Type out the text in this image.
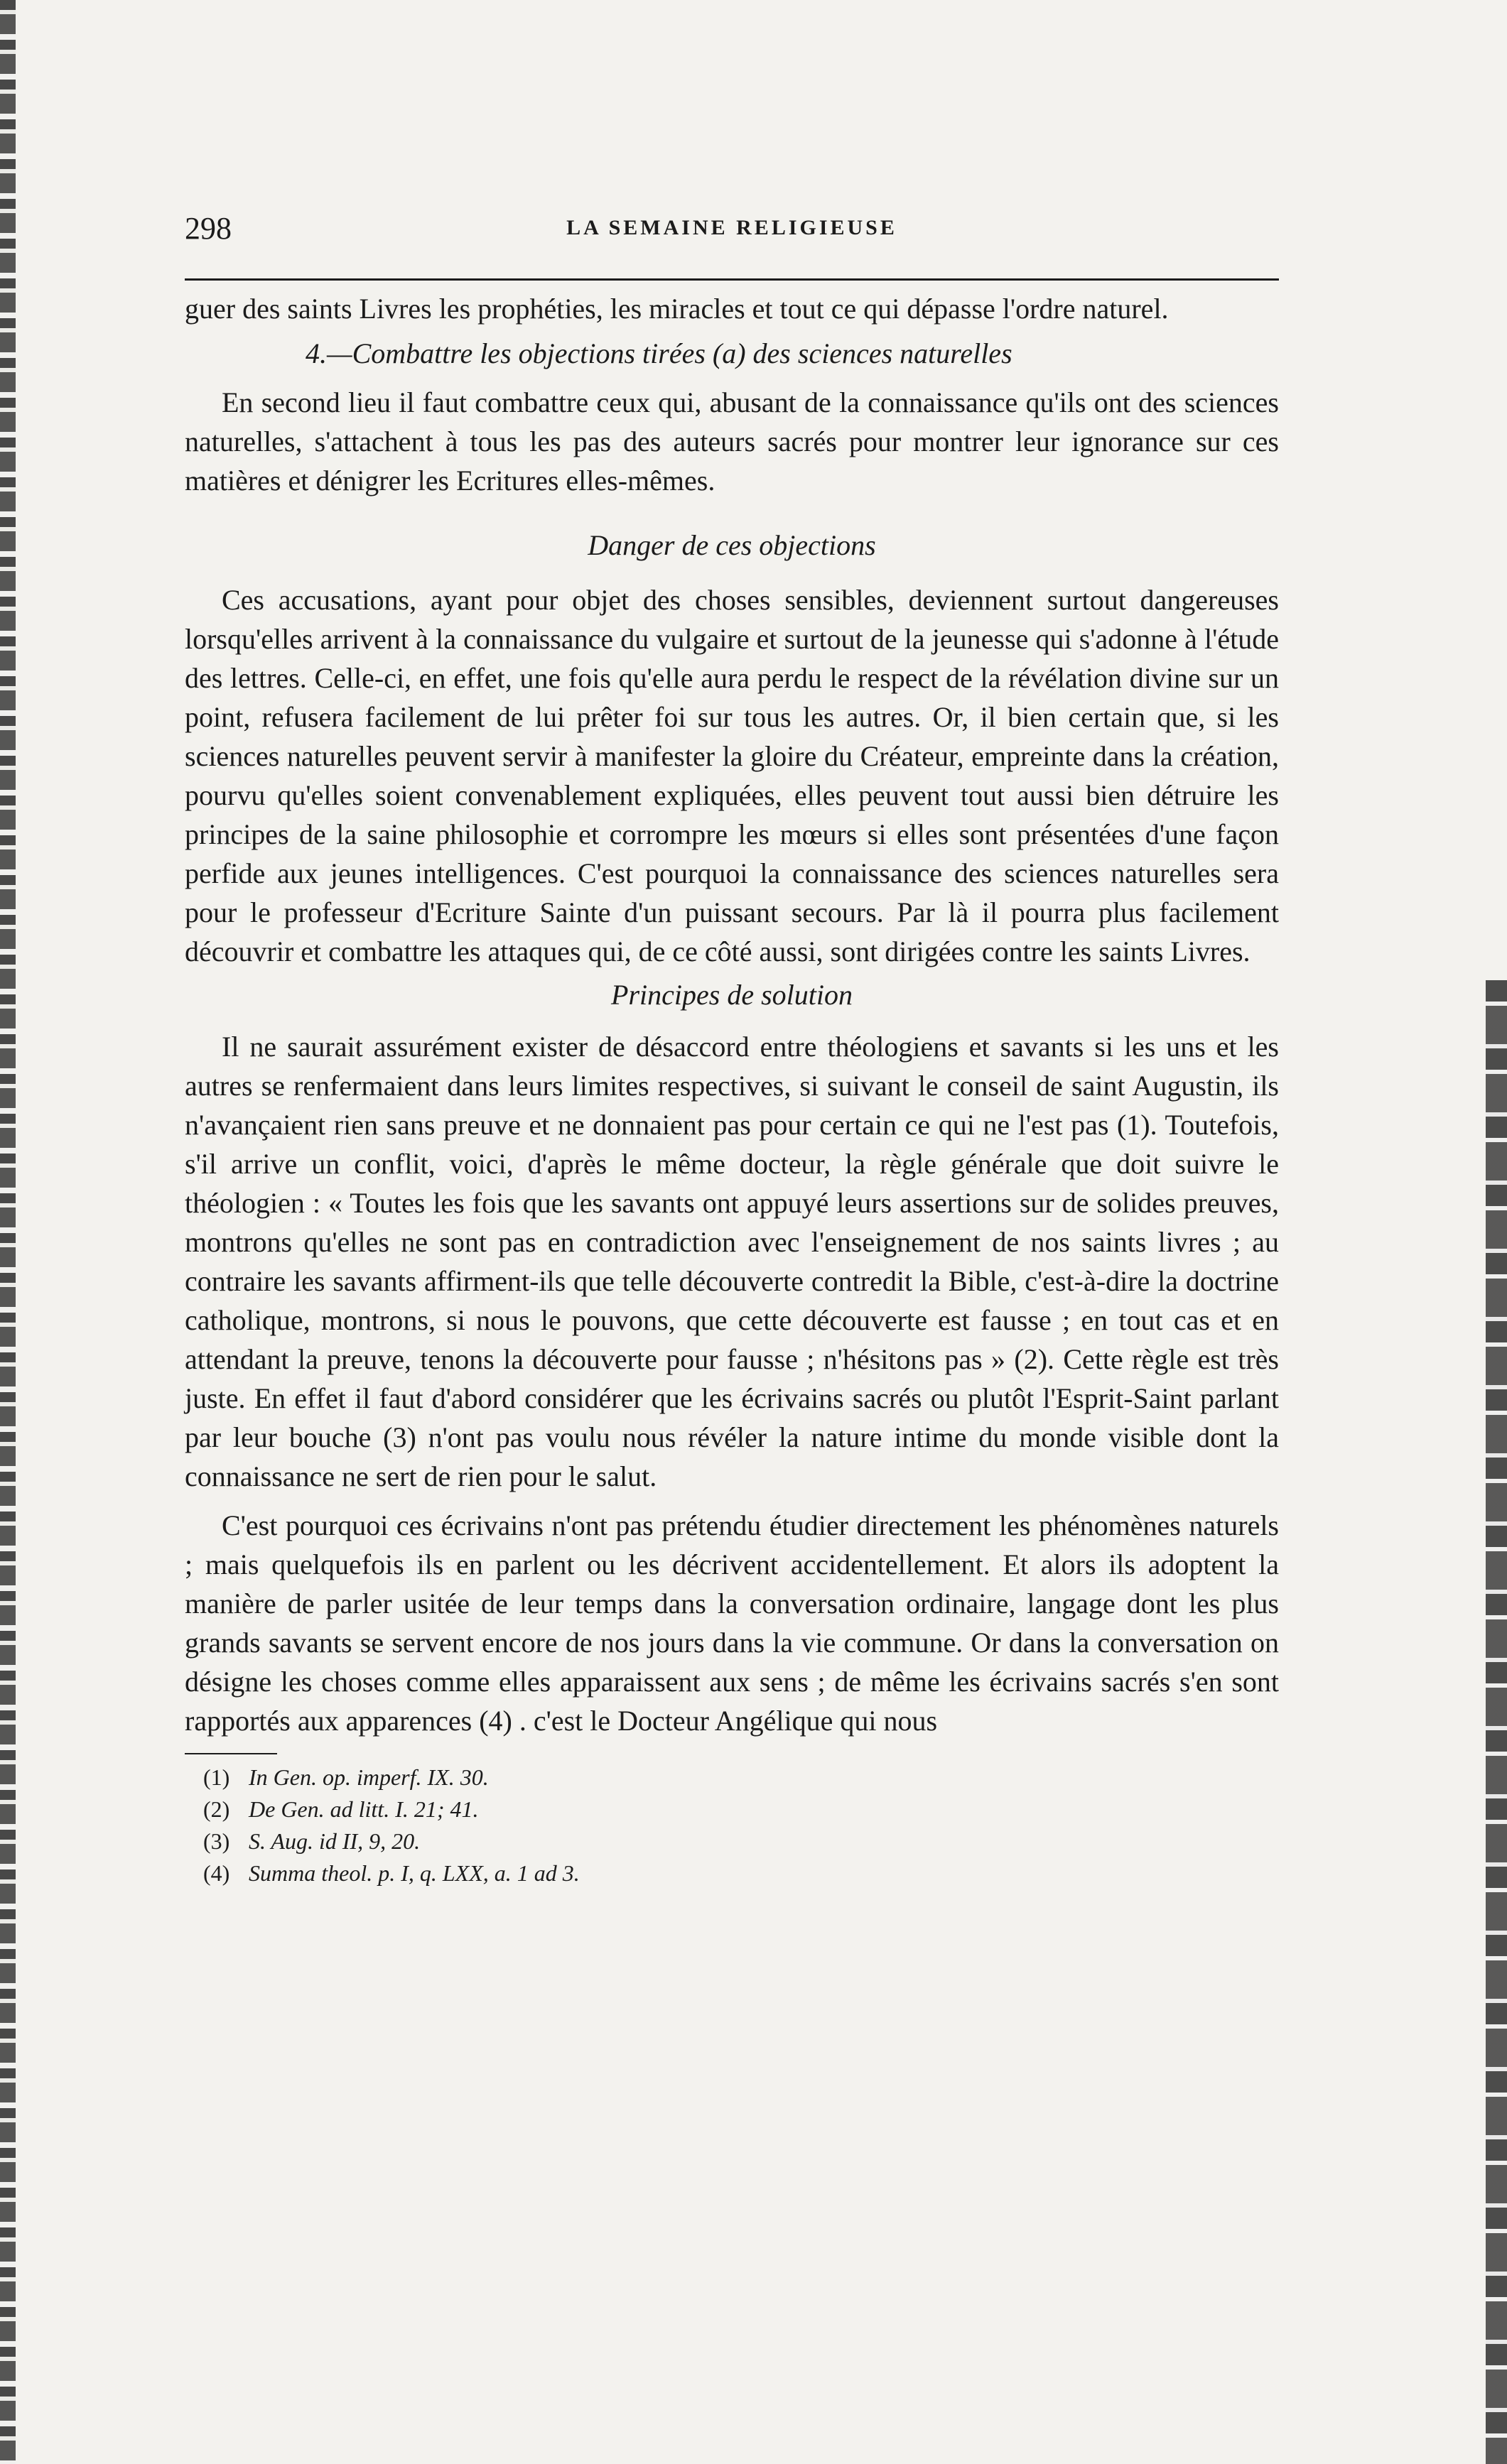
298	LA SEMAINE RELIGIEUSE

guer des saints Livres les prophéties, les miracles et tout ce qui dépasse l'ordre naturel.

4.—Combattre les objections tirées (a) des sciences naturelles

En second lieu il faut combattre ceux qui, abusant de la connaissance qu'ils ont des sciences naturelles, s'attachent à tous les pas des auteurs sacrés pour montrer leur ignorance sur ces matières et dénigrer les Ecritures elles-mêmes.

Danger de ces objections

Ces accusations, ayant pour objet des choses sensibles, deviennent surtout dangereuses lorsqu'elles arrivent à la connaissance du vulgaire et surtout de la jeunesse qui s'adonne à l'étude des lettres. Celle-ci, en effet, une fois qu'elle aura perdu le respect de la révélation divine sur un point, refusera facilement de lui prêter foi sur tous les autres. Or, il bien certain que, si les sciences naturelles peuvent servir à manifester la gloire du Créateur, empreinte dans la création, pourvu qu'elles soient convenablement expliquées, elles peuvent tout aussi bien détruire les principes de la saine philosophie et corrompre les mœurs si elles sont présentées d'une façon perfide aux jeunes intelligences. C'est pourquoi la connaissance des sciences naturelles sera pour le professeur d'Ecriture Sainte d'un puissant secours. Par là il pourra plus facilement découvrir et combattre les attaques qui, de ce côté aussi, sont dirigées contre les saints Livres.

Principes de solution

Il ne saurait assurément exister de désaccord entre théologiens et savants si les uns et les autres se renfermaient dans leurs limites respectives, si suivant le conseil de saint Augustin, ils n'avançaient rien sans preuve et ne donnaient pas pour certain ce qui ne l'est pas (1). Toutefois, s'il arrive un conflit, voici, d'après le même docteur, la règle générale que doit suivre le théologien : « Toutes les fois que les savants ont appuyé leurs assertions sur de solides preuves, montrons qu'elles ne sont pas en contradiction avec l'enseignement de nos saints livres ; au contraire les savants affirment-ils que telle découverte contredit la Bible, c'est-à-dire la doctrine catholique, montrons, si nous le pouvons, que cette découverte est fausse ; en tout cas et en attendant la preuve, tenons la découverte pour fausse ; n'hésitons pas » (2). Cette règle est très juste. En effet il faut d'abord considérer que les écrivains sacrés ou plutôt l'Esprit-Saint parlant par leur bouche (3) n'ont pas voulu nous révéler la nature intime du monde visible dont la connaissance ne sert de rien pour le salut.

C'est pourquoi ces écrivains n'ont pas prétendu étudier directement les phénomènes naturels ; mais quelquefois ils en parlent ou les décrivent accidentellement. Et alors ils adoptent la manière de parler usitée de leur temps dans la conversation ordinaire, langage dont les plus grands savants se servent encore de nos jours dans la vie commune. Or dans la conversation on désigne les choses comme elles apparaissent aux sens ; de même les écrivains sacrés s'en sont rapportés aux apparences (4) . c'est le Docteur Angélique qui nous

(1) In Gen. op. imperf. IX. 30.
(2) De Gen. ad litt. I. 21; 41.
(3) S. Aug. id II, 9, 20.
(4) Summa theol. p. I, q. LXX, a. 1 ad 3.
